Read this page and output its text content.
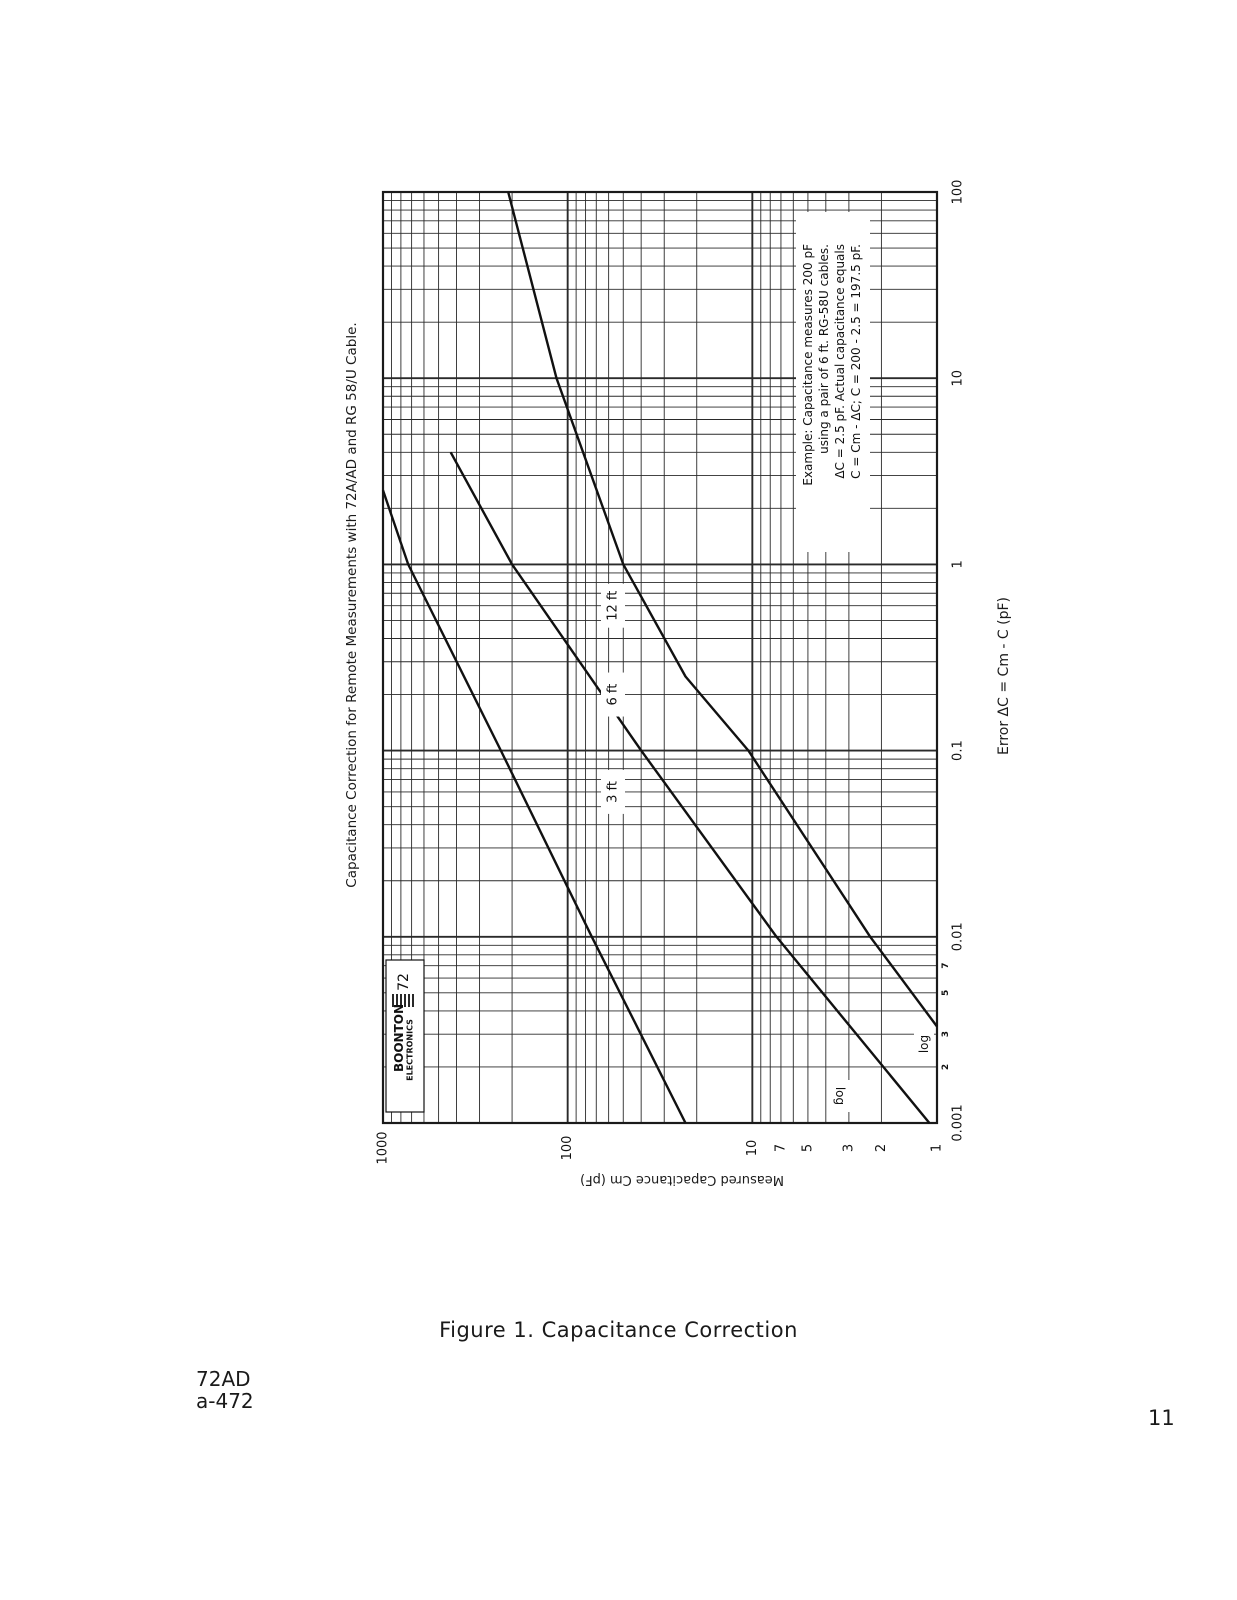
3 ft
6 ft
12 ft
0.001
0.01
0.1
1
10
100
2
3
5
7
1000	100	10 7 5 3 2	1
log
log
BOONTON ELECTRONICS
72
Example: Capacitance measures 200 pF using a pair of 6 ft. RG-58U cables. ΔC = 2.5 pF. Actual capacitance equals C = Cm - ΔC; C = 200 - 2.5 = 197.5 pF.
Capacitance Correction for Remote Measurements with 72A/AD and RG 58/U Cable.	Error ΔC = Cm - C (pF)
Measured Capacitance Cm (pF)
Figure 1. Capacitance Correction
72AD
a-472
11
